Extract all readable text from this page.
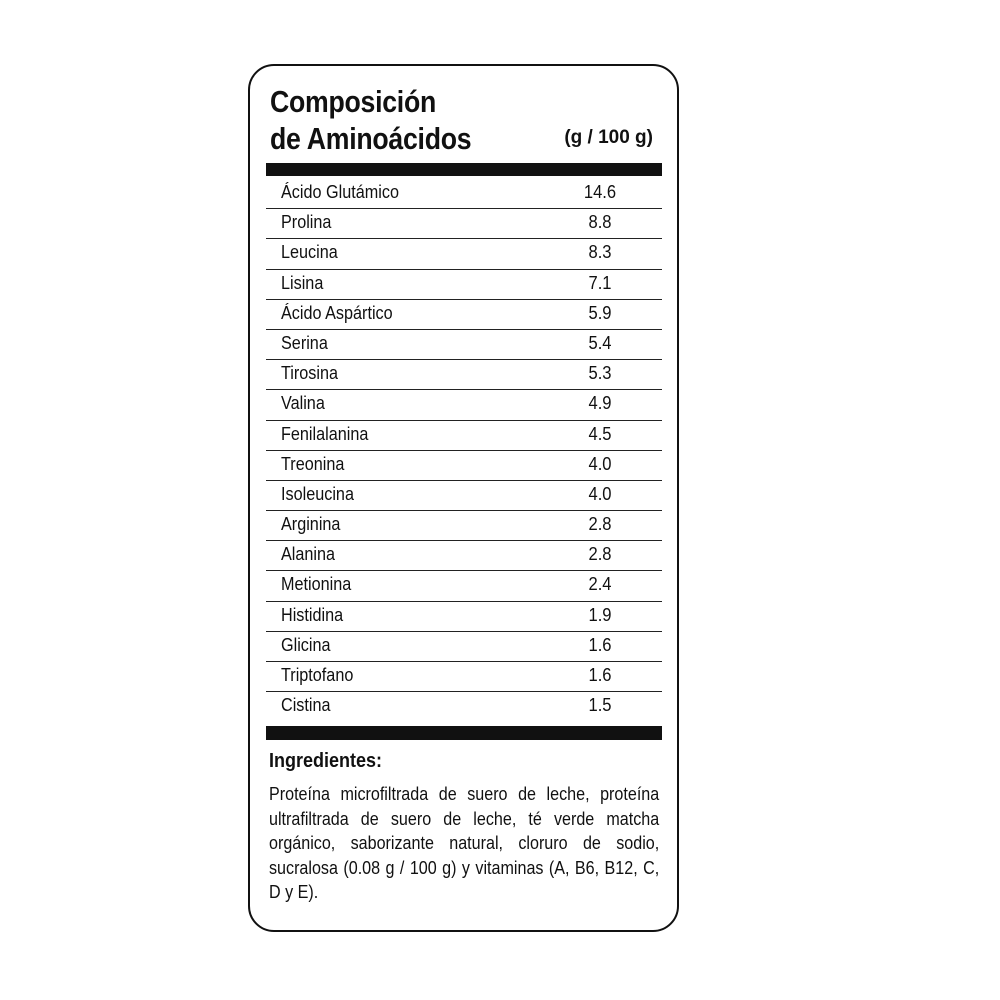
Composición
de Aminoácidos	(g / 100 g)
Ácido Glutámico	14.6
Prolina	8.8
Leucina	8.3
Lisina	7.1
Ácido Aspártico	5.9
Serina	5.4
Tirosina	5.3
Valina	4.9
Fenilalanina	4.5
Treonina	4.0
Isoleucina	4.0
Arginina	2.8
Alanina	2.8
Metionina	2.4
Histidina	1.9
Glicina	1.6
Triptofano	1.6
Cistina	1.5
Ingredientes:
Proteína microfiltrada de suero de leche, proteína ultrafiltrada de suero de leche, té verde matcha orgánico, saborizante natural, cloruro de sodio, sucralosa (0.08 g / 100 g) y vitaminas (A, B6, B12, C, D y E).
